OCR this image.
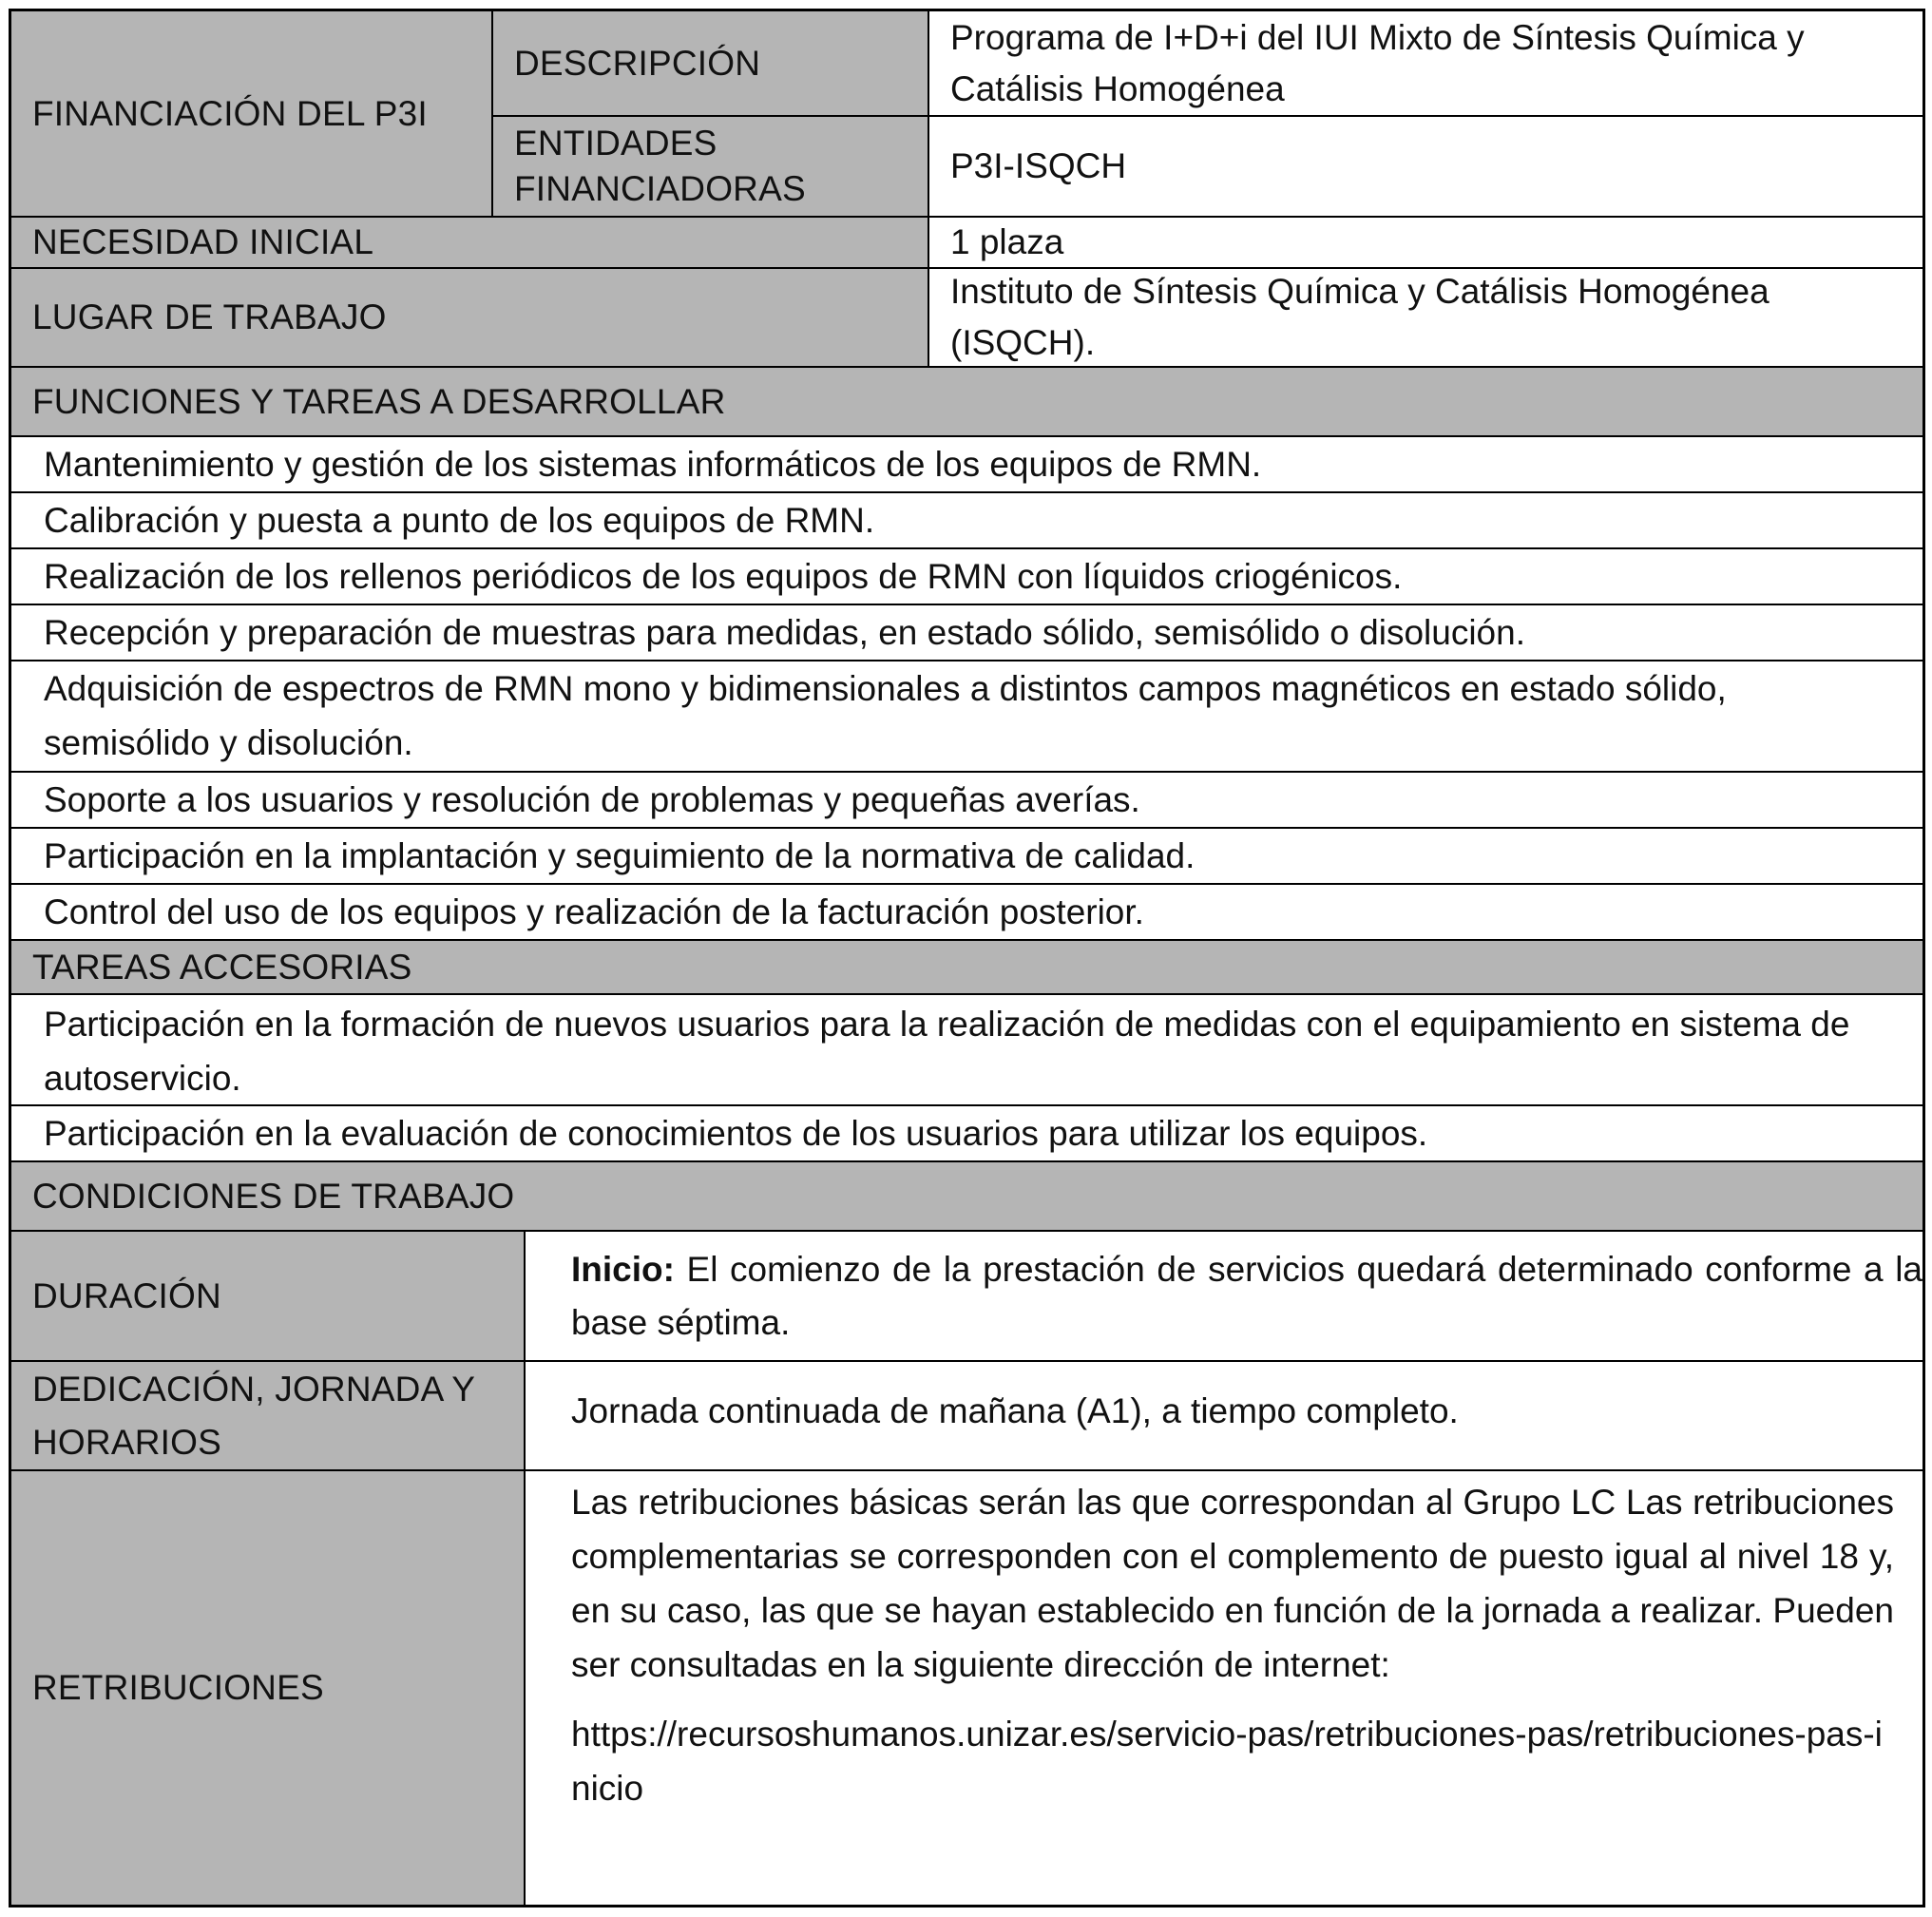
FINANCIACIÓN DEL P3I
DESCRIPCIÓN
ENTIDADES FINANCIADORAS
Programa de I+D+i del IUI Mixto de Síntesis Química y Catálisis Homogénea
P3I-ISQCH
NECESIDAD INICIAL	1 plaza
LUGAR DE TRABAJO
Instituto de Síntesis Química y Catálisis Homogénea (ISQCH).
FUNCIONES Y TAREAS A DESARROLLAR
Mantenimiento y gestión de los sistemas informáticos de los equipos de RMN.
Calibración y puesta a punto de los equipos de RMN.
Realización de los rellenos periódicos de los equipos de RMN con líquidos criogénicos.
Recepción y preparación de muestras para medidas, en estado sólido, semisólido o disolución.
Adquisición de espectros de RMN mono y bidimensionales a distintos campos magnéticos en estado sólido, semisólido y disolución.
Soporte a los usuarios y resolución de problemas y pequeñas averías.
Participación en la implantación y seguimiento de la normativa de calidad.
Control del uso de los equipos y realización de la facturación posterior.
TAREAS ACCESORIAS
Participación en la formación de nuevos usuarios para la realización de medidas con el equipamiento en sistema de autoservicio.
Participación en la evaluación de conocimientos de los usuarios para utilizar los equipos.
CONDICIONES DE TRABAJO
DURACIÓN
Inicio: El comienzo de la prestación de servicios quedará determinado conforme a la base séptima.
DEDICACIÓN, JORNADA Y HORARIOS
Jornada continuada de mañana (A1), a tiempo completo.
RETRIBUCIONES
Las retribuciones básicas serán las que correspondan al Grupo LC Las retribuciones complementarias se corresponden con el complemento de puesto igual al nivel 18 y, en su caso, las que se hayan establecido en función de la jornada a realizar. Pueden ser consultadas en la siguiente dirección de internet:
https://recursoshumanos.unizar.es/servicio-pas/retribuciones-pas/retribuciones-pas-inicio
